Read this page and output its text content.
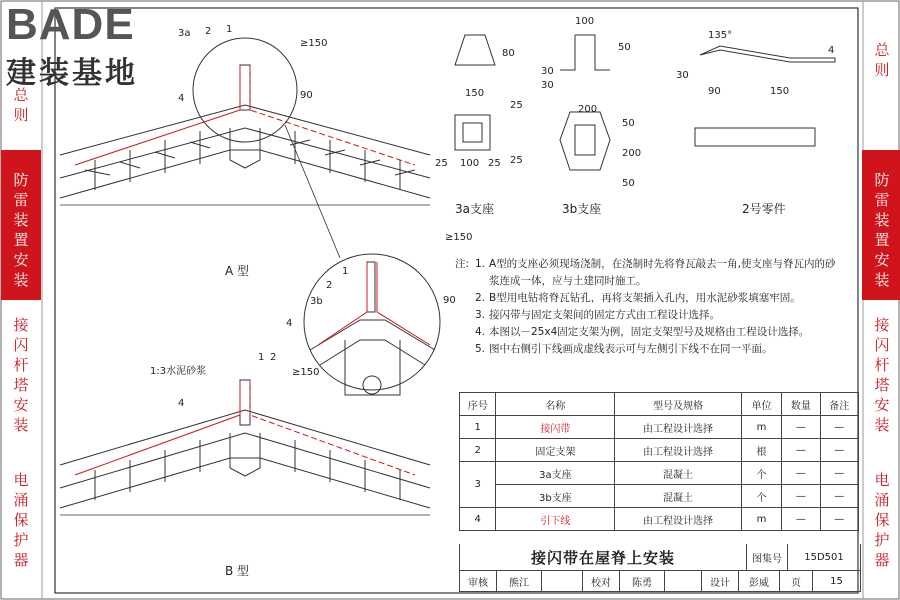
BADE
建装基地
总
则
防
雷
装
置
安
装
接
闪
杆
塔
安
装
电
涌
保
护
器
总
则
防
雷
装
置
安
装
接
闪
杆
塔
安
装
电
涌
保
护
器
A 型
B 型
1:3水泥砂浆
3a支座	3b支座	2号零件
≥150
90
≥150
90
≥150
150
80
100
50
30
30
200
50
200
50
25
25
25 100 25
135°
4
30
90	150
3a 2 1
4
1
2
3b
4
1 2
4
注: 1. A型的支座必须现场浇制，在浇制时先将脊瓦敲去一角,使支座与脊瓦内的砂
浆连成一体，应与土建同时施工。
2. B型用电钻将脊瓦钻孔，再将支架插入孔内，用水泥砂浆填塞牢固。
3. 接闪带与固定支架间的固定方式由工程设计选择。
4. 本图以－25x4固定支架为例，固定支架型号及规格由工程设计选择。
5. 图中右侧引下线画成虚线表示可与左侧引下线不在同一平面。
序号	名称	型号及规格	单位	数量	备注
1	接闪带	由工程设计选择	m	—	—
2	固定支架	由工程设计选择	根	—	—
3	3a支座	混凝土	个	—	—
	3b支座	混凝土	个	—	—
4	引下线	由工程设计选择	m	—	—
接闪带在屋脊上安装	图集号	15D501
审核	熊江	校对	陈勇	设计	彭威	页	15
